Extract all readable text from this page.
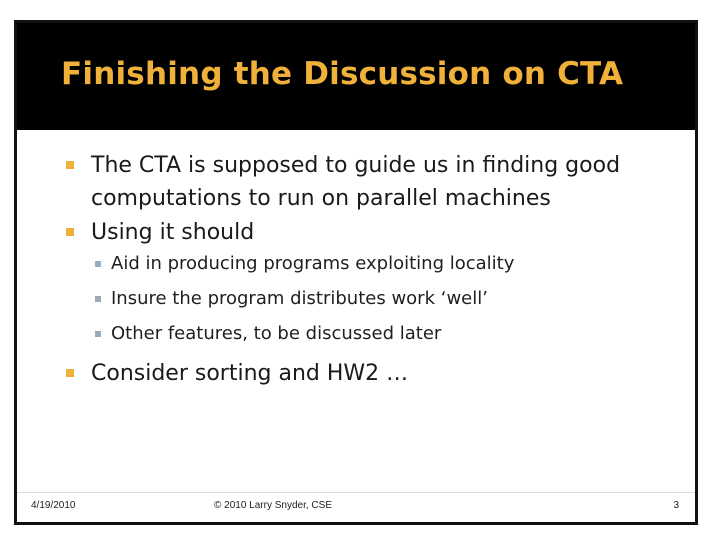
Finishing the Discussion on CTA

The CTA is supposed to guide us in finding good computations to run on parallel machines

Using it should

Aid in producing programs exploiting locality

Insure the program distributes work ‘well’

Other features, to be discussed later

Consider sorting and HW2 …

4/19/2010	© 2010 Larry Snyder, CSE	3
